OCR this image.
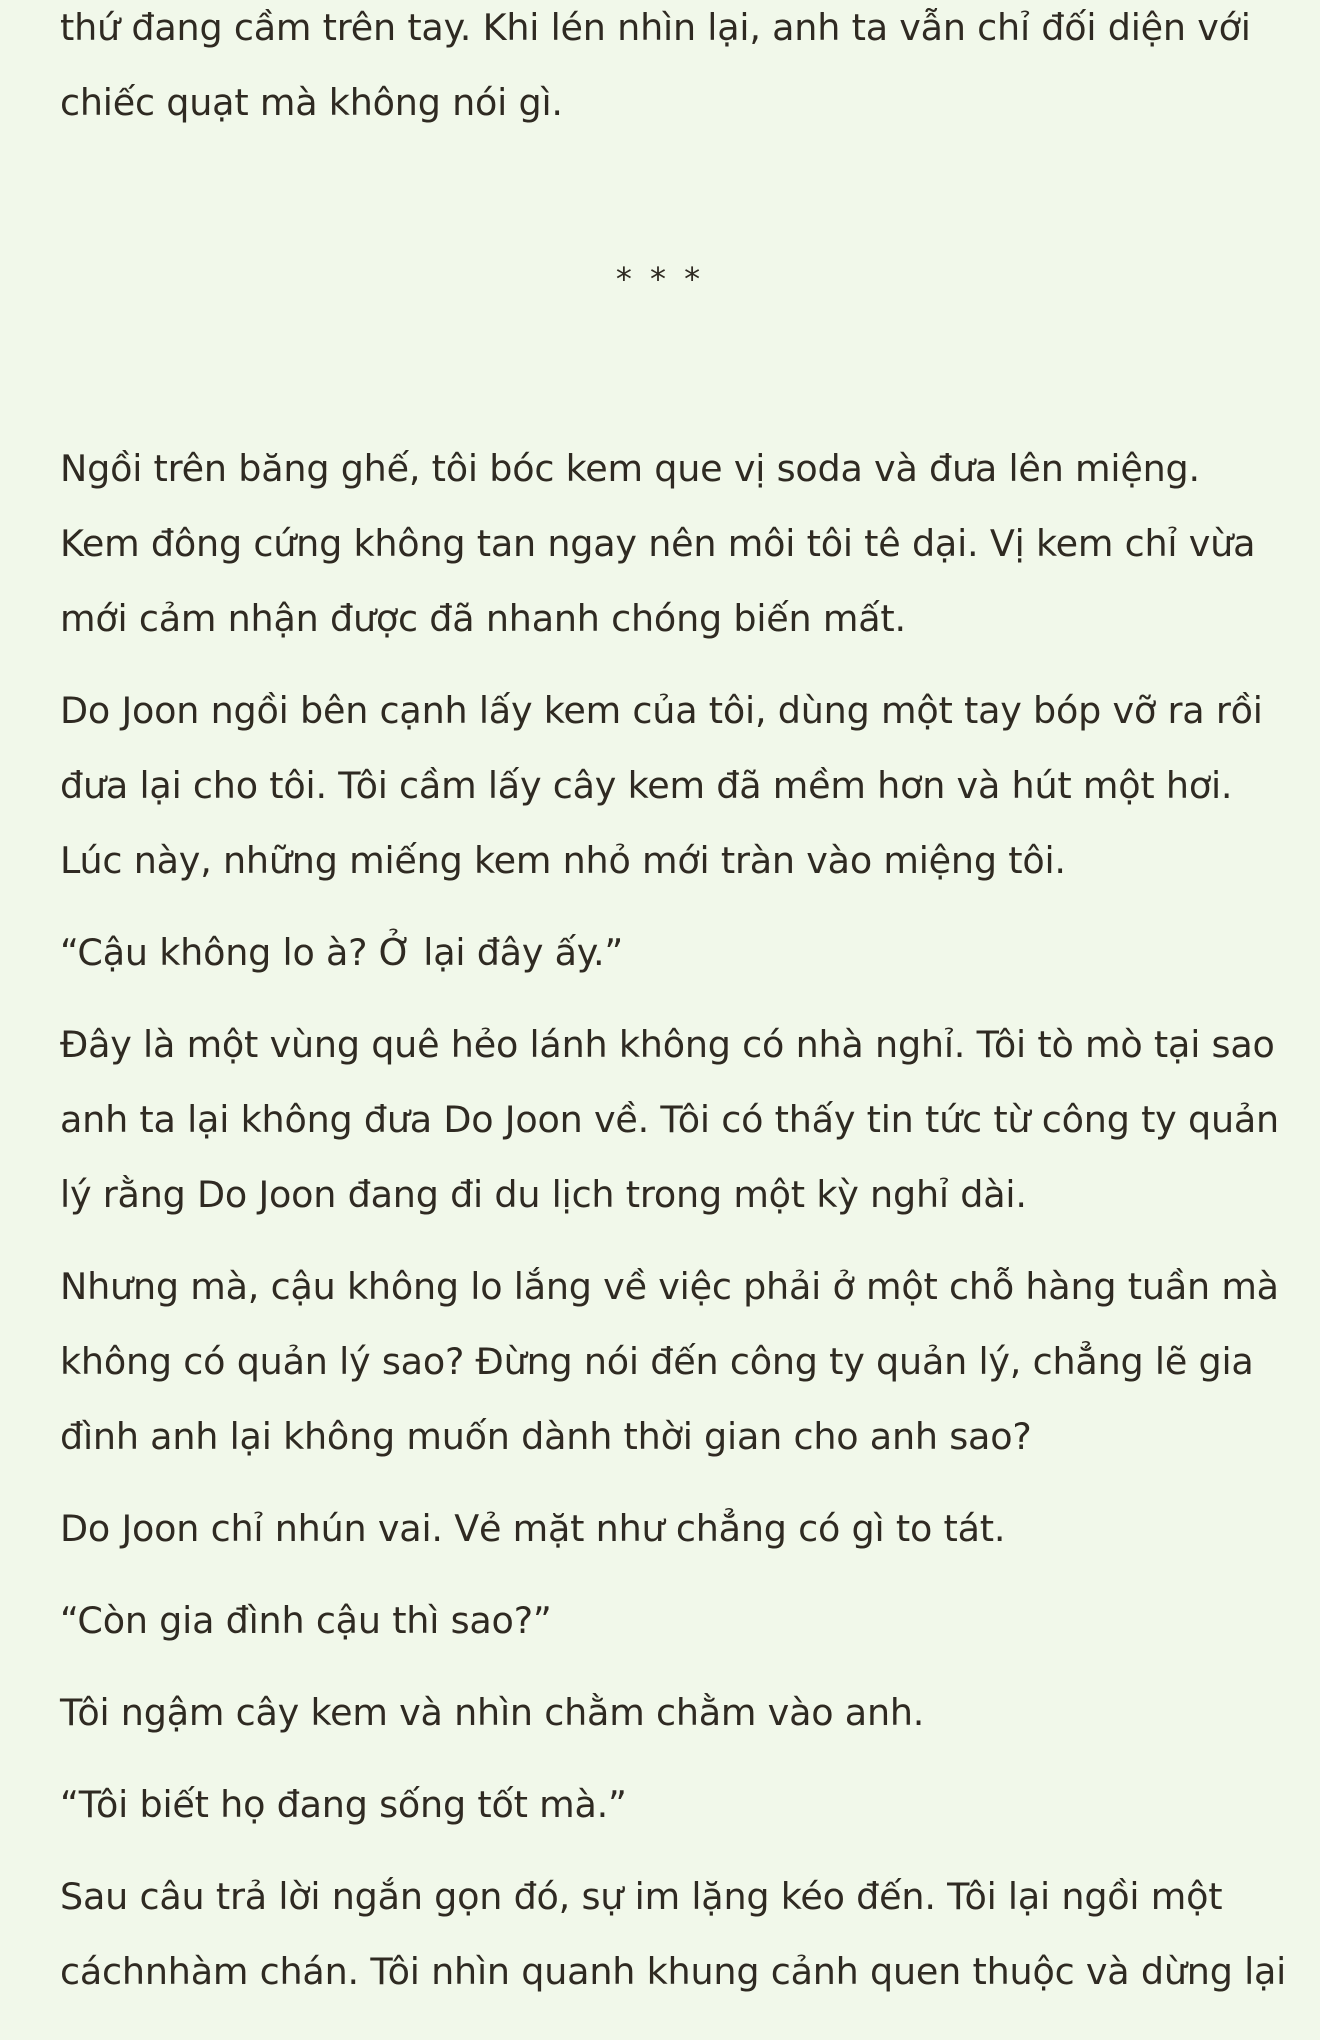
thứ đang cầm trên tay. Khi lén nhìn lại, anh ta vẫn chỉ đối diện với
chiếc quạt mà không nói gì.
* * *

Ngồi trên băng ghế, tôi bóc kem que vị soda và đưa lên miệng.
Kem đông cứng không tan ngay nên môi tôi tê dại. Vị kem chỉ vừa
mới cảm nhận được đã nhanh chóng biến mất.

Do Joon ngồi bên cạnh lấy kem của tôi, dùng một tay bóp vỡ ra rồi
đưa lại cho tôi. Tôi cầm lấy cây kem đã mềm hơn và hút một hơi.
Lúc này, những miếng kem nhỏ mới tràn vào miệng tôi.

“Cậu không lo à? Ở lại đây ấy.”

Đây là một vùng quê hẻo lánh không có nhà nghỉ. Tôi tò mò tại sao
anh ta lại không đưa Do Joon về. Tôi có thấy tin tức từ công ty quản
lý rằng Do Joon đang đi du lịch trong một kỳ nghỉ dài.

Nhưng mà, cậu không lo lắng về việc phải ở một chỗ hàng tuần mà
không có quản lý sao? Đừng nói đến công ty quản lý, chẳng lẽ gia
đình anh lại không muốn dành thời gian cho anh sao?

Do Joon chỉ nhún vai. Vẻ mặt như chẳng có gì to tát.

“Còn gia đình cậu thì sao?”

Tôi ngậm cây kem và nhìn chằm chằm vào anh.

“Tôi biết họ đang sống tốt mà.”

Sau câu trả lời ngắn gọn đó, sự im lặng kéo đến. Tôi lại ngồi một
cáchnhàm chán. Tôi nhìn quanh khung cảnh quen thuộc và dừng lại
